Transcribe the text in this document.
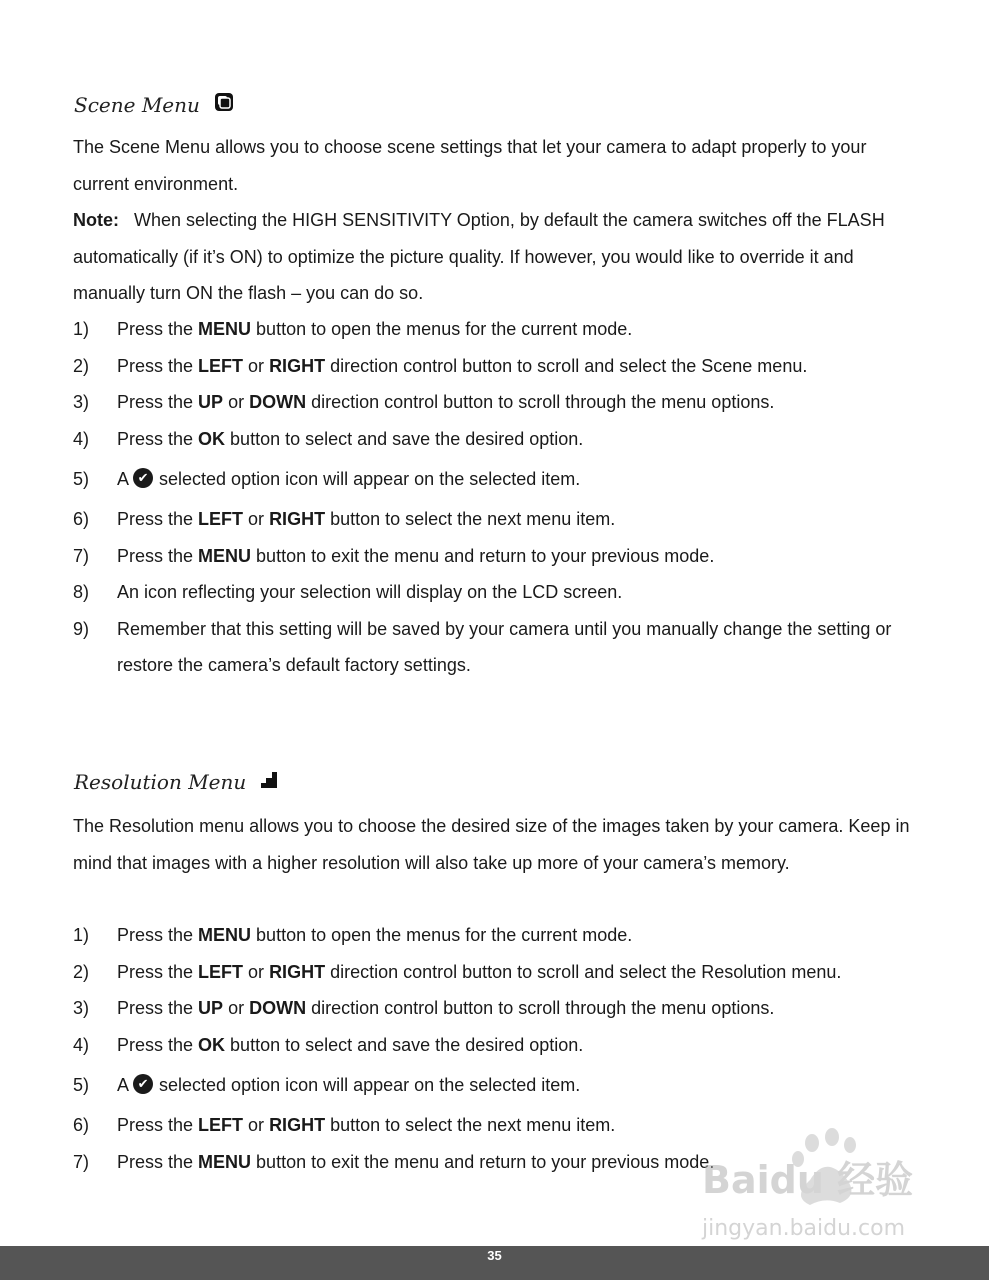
Scene Menu

The Scene Menu allows you to choose scene settings that let your camera to adapt properly to your current environment.

Note: When selecting the HIGH SENSITIVITY Option, by default the camera switches off the FLASH automatically (if it’s ON) to optimize the picture quality. If however, you would like to override it and manually turn ON the flash – you can do so.

1) Press the MENU button to open the menus for the current mode.
2) Press the LEFT or RIGHT direction control button to scroll and select the Scene menu.
3) Press the UP or DOWN direction control button to scroll through the menu options.
4) Press the OK button to select and save the desired option.
5) A ✔ selected option icon will appear on the selected item.
6) Press the LEFT or RIGHT button to select the next menu item.
7) Press the MENU button to exit the menu and return to your previous mode.
8) An icon reflecting your selection will display on the LCD screen.
9) Remember that this setting will be saved by your camera until you manually change the setting or restore the camera’s default factory settings.
Resolution Menu

The Resolution menu allows you to choose the desired size of the images taken by your camera. Keep in mind that images with a higher resolution will also take up more of your camera’s memory.

1) Press the MENU button to open the menus for the current mode.
2) Press the LEFT or RIGHT direction control button to scroll and select the Resolution menu.
3) Press the UP or DOWN direction control button to scroll through the menu options.
4) Press the OK button to select and save the desired option.
5) A ✔ selected option icon will appear on the selected item.
6) Press the LEFT or RIGHT button to select the next menu item.
7) Press the MENU button to exit the menu and return to your previous mode.
Baidu 经验
jingyan.baidu.com
35
